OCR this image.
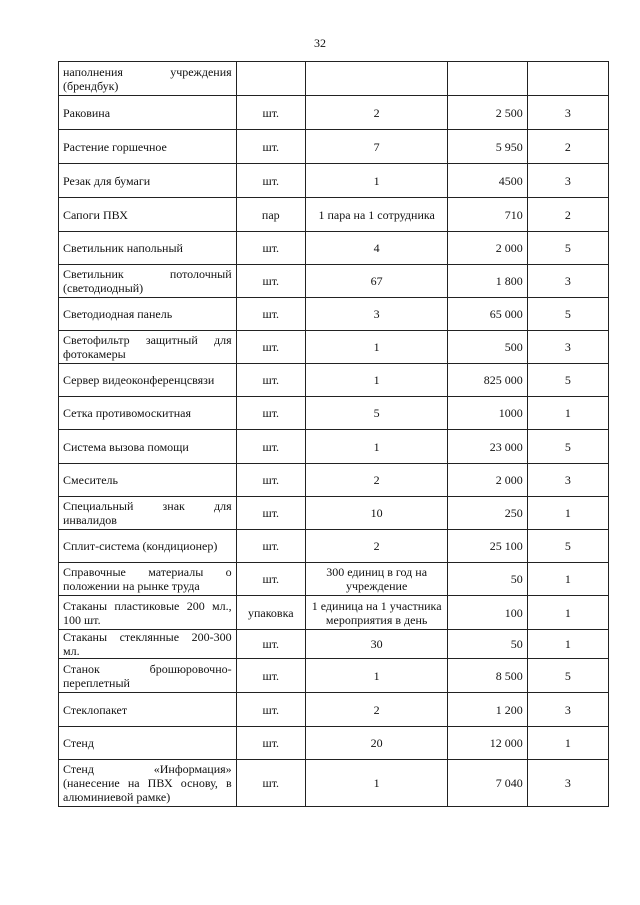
32
наполнения учреждения (брендбук)				
Раковина	шт.	2	2 500	3
Растение горшечное	шт.	7	5 950	2
Резак для бумаги	шт.	1	4500	3
Сапоги ПВХ	пар	1 пара на 1 сотрудника	710	2
Светильник напольный	шт.	4	2 000	5
Светильник потолочный (светодиодный)	шт.	67	1 800	3
Светодиодная панель	шт.	3	65 000	5
Светофильтр защитный для фотокамеры	шт.	1	500	3
Сервер видеоконференцсвязи	шт.	1	825 000	5
Сетка противомоскитная	шт.	5	1000	1
Система вызова помощи	шт.	1	23 000	5
Смеситель	шт.	2	2 000	3
Специальный знак для инвалидов	шт.	10	250	1
Сплит-система (кондиционер)	шт.	2	25 100	5
Справочные материалы о положении на рынке труда	шт.	300 единиц в год на учреждение	50	1
Стаканы пластиковые 200 мл., 100 шт.	упаковка	1 единица на 1 участника мероприятия в день	100	1
Стаканы стеклянные 200-300 мл.	шт.	30	50	1
Станок брошюровочно-переплетный	шт.	1	8 500	5
Стеклопакет	шт.	2	1 200	3
Стенд	шт.	20	12 000	1
Стенд «Информация» (нанесение на ПВХ основу, в алюминиевой рамке)	шт.	1	7 040	3
